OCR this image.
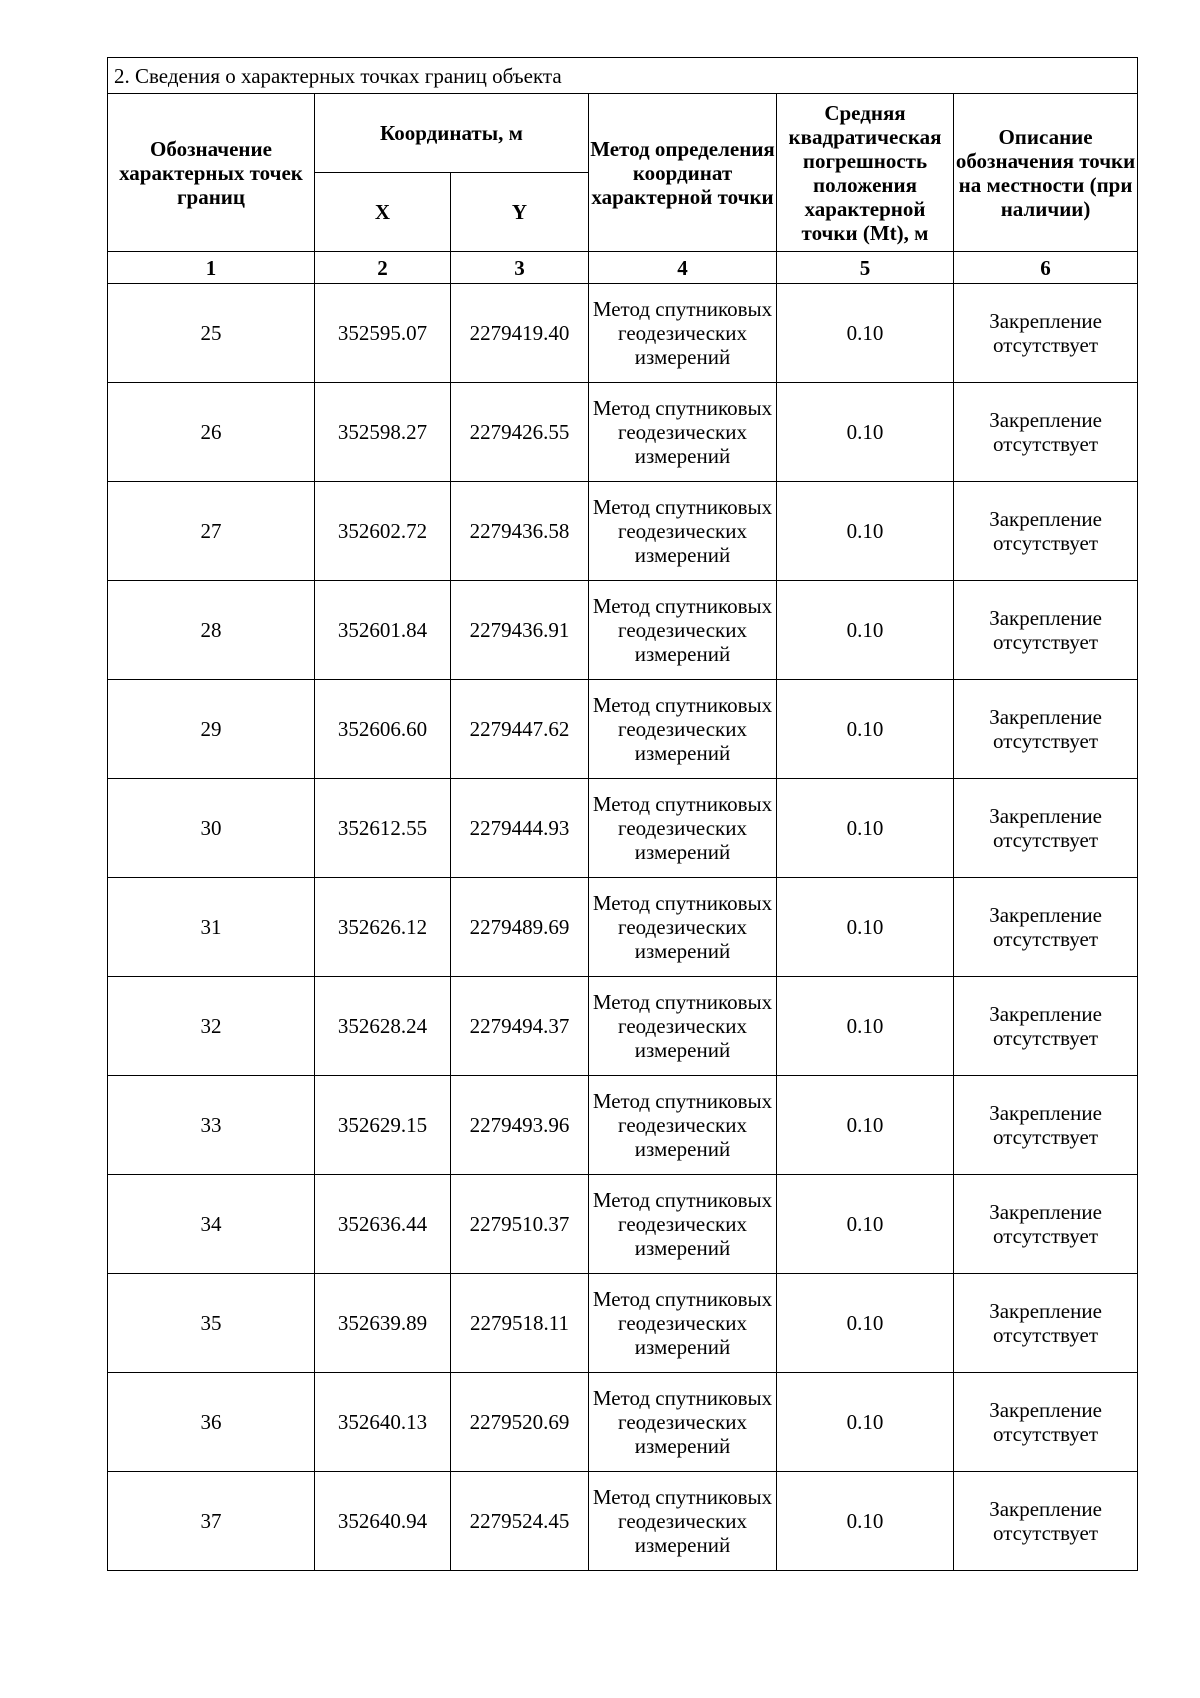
2. Сведения о характерных точках границ объекта					
Обозначение характерных точек границ	Координаты, м		Метод определения координат характерной точки	Средняя квадратическая погрешность положения характерной точки (Mt), м	Описание обозначения точки на местности (при наличии)
	X	Y			
1	2	3	4	5	6
25	352595.07	2279419.40	Метод спутниковых геодезических измерений	0.10	Закрепление отсутствует
26	352598.27	2279426.55	Метод спутниковых геодезических измерений	0.10	Закрепление отсутствует
27	352602.72	2279436.58	Метод спутниковых геодезических измерений	0.10	Закрепление отсутствует
28	352601.84	2279436.91	Метод спутниковых геодезических измерений	0.10	Закрепление отсутствует
29	352606.60	2279447.62	Метод спутниковых геодезических измерений	0.10	Закрепление отсутствует
30	352612.55	2279444.93	Метод спутниковых геодезических измерений	0.10	Закрепление отсутствует
31	352626.12	2279489.69	Метод спутниковых геодезических измерений	0.10	Закрепление отсутствует
32	352628.24	2279494.37	Метод спутниковых геодезических измерений	0.10	Закрепление отсутствует
33	352629.15	2279493.96	Метод спутниковых геодезических измерений	0.10	Закрепление отсутствует
34	352636.44	2279510.37	Метод спутниковых геодезических измерений	0.10	Закрепление отсутствует
35	352639.89	2279518.11	Метод спутниковых геодезических измерений	0.10	Закрепление отсутствует
36	352640.13	2279520.69	Метод спутниковых геодезических измерений	0.10	Закрепление отсутствует
37	352640.94	2279524.45	Метод спутниковых геодезических измерений	0.10	Закрепление отсутствует
